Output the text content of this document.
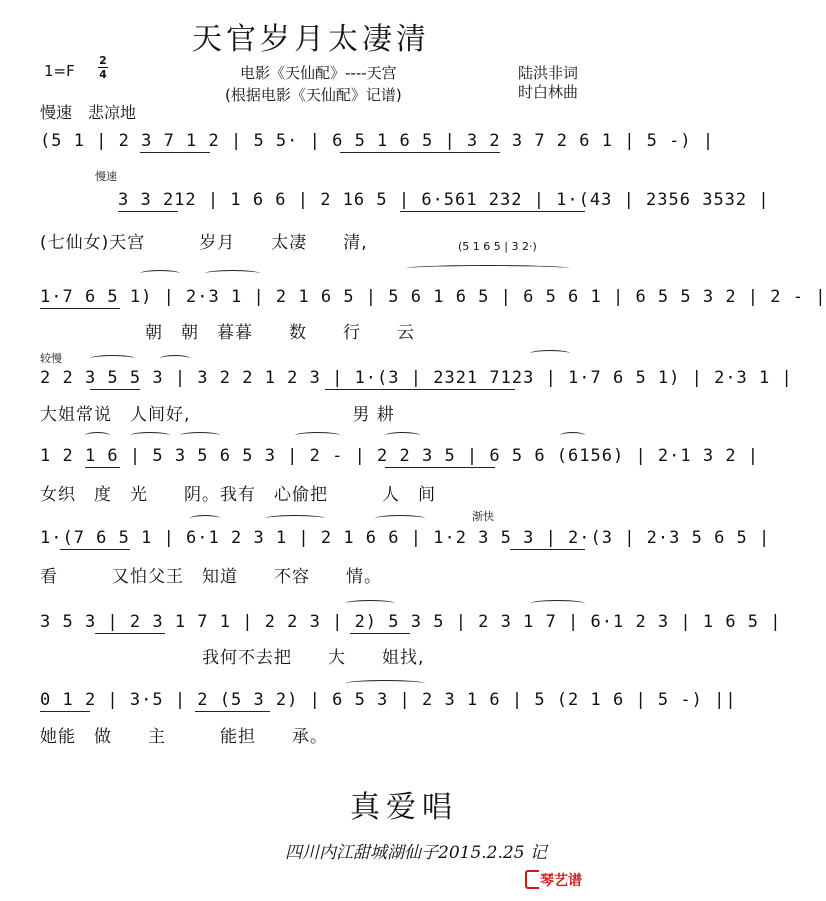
天官岁月太凄清
1=F
2
4	电影《天仙配》----天宫
(根据电影《天仙配》记谱)
陆洪非词
时白林曲
慢速　悲凉地
(5 1 | 2 3 7 1 2 | 5 5· | 6 5 1 6 5 | 3 2 3 7 2 6 1 | 5 -) |
慢速
3 3 212 | 1 6 6 | 2 16 5 | 6·561 232 | 1·(43 | 2356 3532 |
(七仙女)天宫　　　岁月　　太凄　　清,	(5 1 6 5 | 3 2·)
1·7 6 5 1) | 2·3 1 | 2 1 6 5 | 5 6 1 6 5 | 6 5 6 1 | 6 5 5 3 2 | 2 - |
朝　朝　暮暮　　数　　行　　云
较慢
2 2 3 5 5 3 | 3 2 2 1 2 3 | 1·(3 | 2321 7123 | 1·7 6 5 1) | 2·3 1 |
大姐常说　人间好,　　　　　　　　　男 耕
1 2 1 6 | 5 3 5 6 5 3 | 2 - | 2 2 3 5 | 6 5 6 (6156) | 2·1 3 2 |
女织　度　光　　阴。我有　心偷把　　　人　间
渐快
1·(7 6 5 1 | 6·1 2 3 1 | 2 1 6 6 | 1·2 3 5 3 | 2·(3 | 2·3 5 6 5 |
看　　　又怕父王　知道　　不容　　情。
3 5 3 | 2 3 1 7 1 | 2 2 3 | 2) 5 3 5 | 2 3 1 7 | 6·1 2 3 | 1 6 5 |
　　　　　　　　　我何不去把　　大　　姐找,
0 1 2 | 3·5 | 2 (5 3 2) | 6 5 3 | 2 3 1 6 | 5 (2 1 6 | 5 -) ||
她能　做　　主　　　能担　　承。
真爱唱
四川内江甜城湖仙子2015.2.25 记
琴艺谱
